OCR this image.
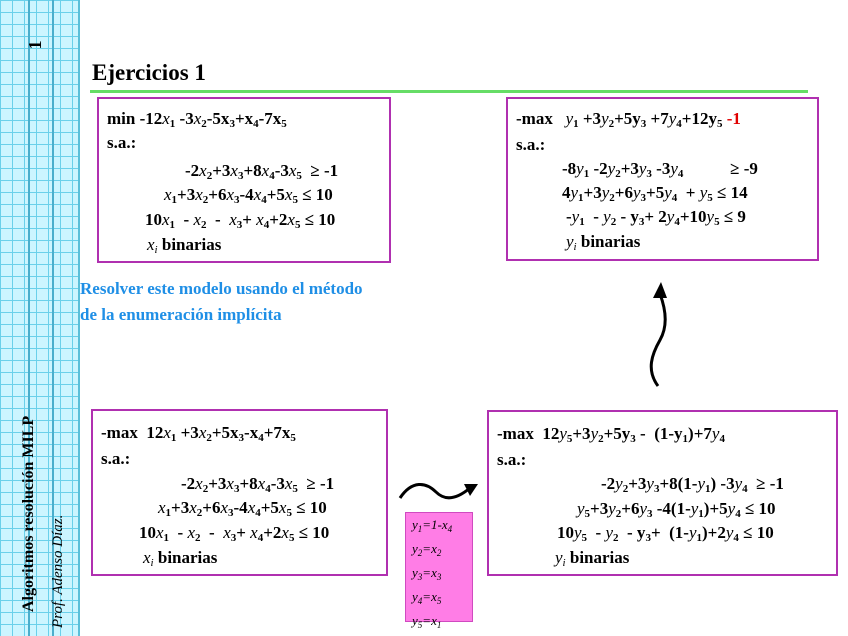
1
Algoritmos resolución MILP Prof. Adenso Díaz.
Ejercicios 1
$\min -12x_1$ $-3x_2-5x_3+x_4-7x_5$
s.a.:
$-2x_2+3x_3+8x_4-3x_5 \ge -1$
$x_1+3x_2+6x_3-4x_4+5x_5 \le 10$
$10x_1 - x_2 - x_3+ x_4+2x_5 \le 10$
$x_i$ binarias
-max   $y_1 +3y_2+5y_3 +7y_4+12y_5$ -1
s.a.:
$-8y_1$ $-2y_2+3y_3$ $-3y_4$           ≥ -9
$4y_1+3y_2+6y_3+5y_4 + y_5 \le 14$
$-y_1 - y_2 - y_3+ 2y_4+10y_5 \le 9$
$y_i$ binarias
Resolver este modelo usando el método de la enumeración implícita
-max  $12x_1 +3x_2+5x_3-x_4+7x_5$
s.a.:
$-2x_2+3x_3+8x_4-3x_5 \ge -1$
$x_1+3x_2+6x_3-4x_4+5x_5 \le 10$
$10x_1 - x_2 - x_3+ x_4+2x_5 \le 10$
$x_i$ binarias
-max  $12y_5+3y_2+5y_3 - (1-y_1)+7y_4$
s.a.:
$-2y_2+3y_3+8(1-y_1) -3y_4 \ge -1$
$y_5+3y_2+6y_3$ $-4(1-y_1)+5y_4 \le 10$
$10y_5 - y_2 - y_3+ (1-y_1)+2y_4 \le 10$
$y_i$ binarias
$y_1=1-x_4$
$y_2=x_2$
$y_3=x_3$
$y_4=x_5$
$y_5=x_1$
